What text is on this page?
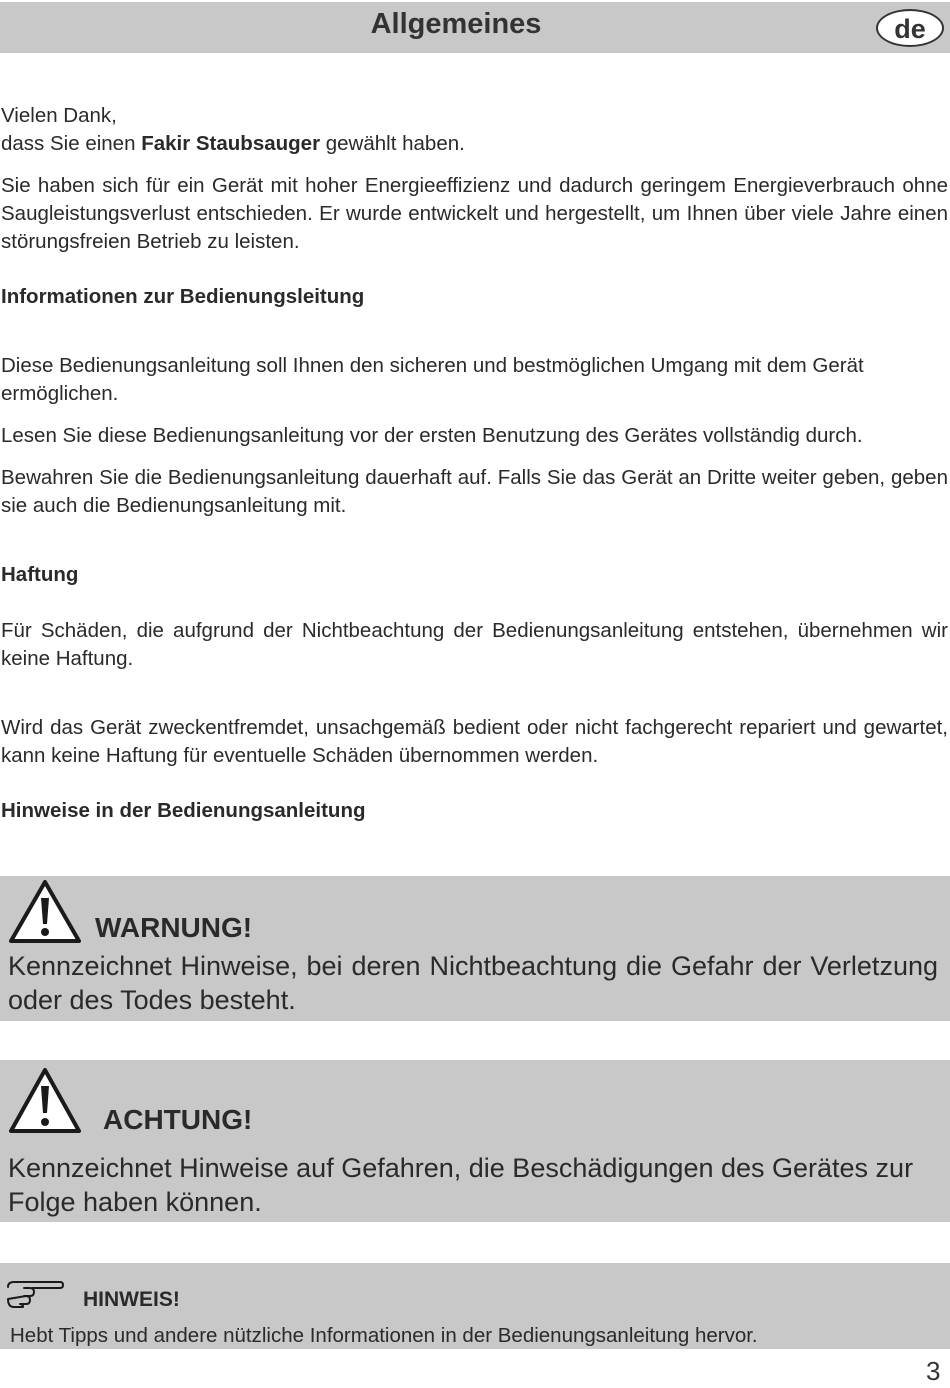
Allgemeines	de

Vielen Dank,

dass Sie einen Fakir Staubsauger gewählt haben.

Sie haben sich für ein Gerät mit hoher Energieeffizienz und dadurch geringem Energieverbrauch ohne Saugleistungsverlust entschieden. Er wurde entwickelt und hergestellt, um Ihnen über viele Jahre einen störungsfreien Betrieb zu leisten.

Informationen zur Bedienungsleitung

Diese Bedienungsanleitung soll Ihnen den sicheren und bestmöglichen Umgang mit dem Gerät ermöglichen.

Lesen Sie diese Bedienungsanleitung vor der ersten Benutzung des Gerätes vollständig durch.

Bewahren Sie die Bedienungsanleitung dauerhaft auf. Falls Sie das Gerät an Dritte weiter geben, geben sie auch die Bedienungsanleitung mit.

Haftung

Für Schäden, die aufgrund der Nichtbeachtung der Bedienungsanleitung entstehen, übernehmen wir keine Haftung.

Wird das Gerät zweckentfremdet, unsachgemäß bedient oder nicht fachgerecht repariert und gewartet, kann keine Haftung für eventuelle Schäden übernommen werden.

Hinweise in der Bedienungsanleitung

WARNUNG!
Kennzeichnet Hinweise, bei deren Nichtbeachtung die Gefahr der Verletzung oder des Todes besteht.
ACHTUNG!
Kennzeichnet Hinweise auf Gefahren, die Beschädigungen des Gerätes zur Folge haben können.
HINWEIS!
Hebt Tipps und andere nützliche Informationen in der Bedienungsanleitung hervor.
3
